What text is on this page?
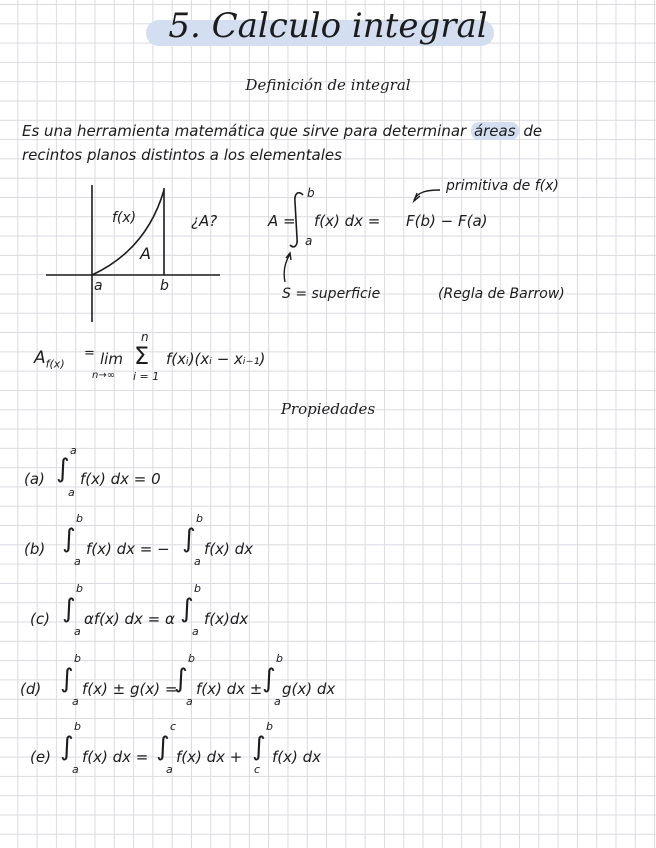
5. Calculo integral
Definición de integral
Es una herramienta matemática que sirve para determinar áreas de
recintos planos distintos a los elementales
Σ
f(x)
A
a	b
¿A?	A =
b
a
f(x) dx = F(b) − F(a)
primitiva de f(x)
S = superficie	(Regla de Barrow)
$A_{f(x)}$
= lim
n→∞
n
i = 1
f(xᵢ)(xᵢ − xᵢ₋₁)
Propiedades
(a) ∫
a
a
f(x) dx = 0
(b) ∫
b
a
f(x) dx = − ∫
b
a
f(x) dx
(c) ∫
b
a
αf(x) dx = α ∫
b
a
f(x)dx
(d) ∫
b
a
f(x) ± g(x) =
∫
b
a
f(x) dx ± ∫
b
a
g(x) dx
(e) ∫
b
a
f(x) dx = ∫
c
a
f(x) dx + ∫
b
c
f(x) dx
